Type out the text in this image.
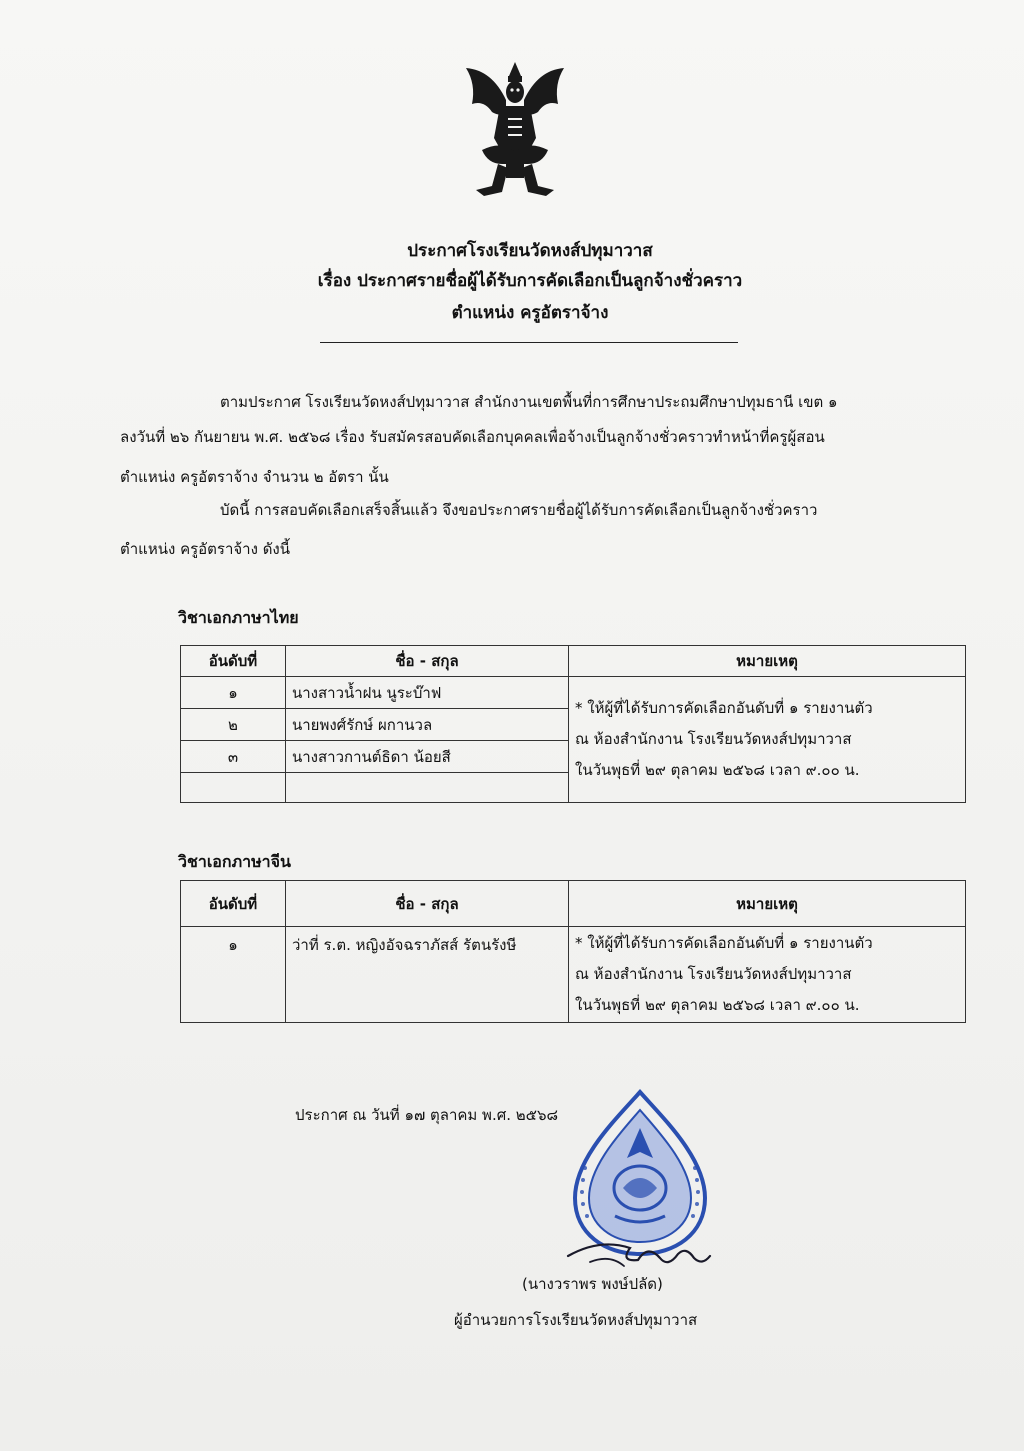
ประกาศโรงเรียนวัดหงส์ปทุมาวาส
เรื่อง ประกาศรายชื่อผู้ได้รับการคัดเลือกเป็นลูกจ้างชั่วคราว
ตำแหน่ง ครูอัตราจ้าง
ตามประกาศ โรงเรียนวัดหงส์ปทุมาวาส สำนักงานเขตพื้นที่การศึกษาประถมศึกษาปทุมธานี เขต ๑
ลงวันที่ ๒๖ กันยายน พ.ศ. ๒๕๖๘ เรื่อง รับสมัครสอบคัดเลือกบุคคลเพื่อจ้างเป็นลูกจ้างชั่วคราวทำหน้าที่ครูผู้สอน
ตำแหน่ง ครูอัตราจ้าง จำนวน ๒ อัตรา นั้น
บัดนี้ การสอบคัดเลือกเสร็จสิ้นแล้ว จึงขอประกาศรายชื่อผู้ได้รับการคัดเลือกเป็นลูกจ้างชั่วคราว
ตำแหน่ง ครูอัตราจ้าง ดังนี้
วิชาเอกภาษาไทย
อันดับที่	ชื่อ - สกุล	หมายเหตุ
๑	นางสาวน้ำฝน นูระบ๊าฟ	* ให้ผู้ที่ได้รับการคัดเลือกอันดับที่ ๑ รายงานตัว
ณ ห้องสำนักงาน โรงเรียนวัดหงส์ปทุมาวาส
ในวันพุธที่ ๒๙ ตุลาคม ๒๕๖๘ เวลา ๙.๐๐ น.

๒	นายพงศ์รักษ์ ผกานวล	
๓	นางสาวกานต์ธิดา น้อยสี	

วิชาเอกภาษาจีน
อันดับที่	ชื่อ - สกุล	หมายเหตุ
๑	ว่าที่ ร.ต. หญิงอัจฉราภัสส์ รัตนรังษี	* ให้ผู้ที่ได้รับการคัดเลือกอันดับที่ ๑ รายงานตัว
ณ ห้องสำนักงาน โรงเรียนวัดหงส์ปทุมาวาส
ในวันพุธที่ ๒๙ ตุลาคม ๒๕๖๘ เวลา ๙.๐๐ น.
ประกาศ ณ วันที่ ๑๗ ตุลาคม พ.ศ. ๒๕๖๘
(นางวราพร พงษ์ปลัด)
ผู้อำนวยการโรงเรียนวัดหงส์ปทุมาวาส
